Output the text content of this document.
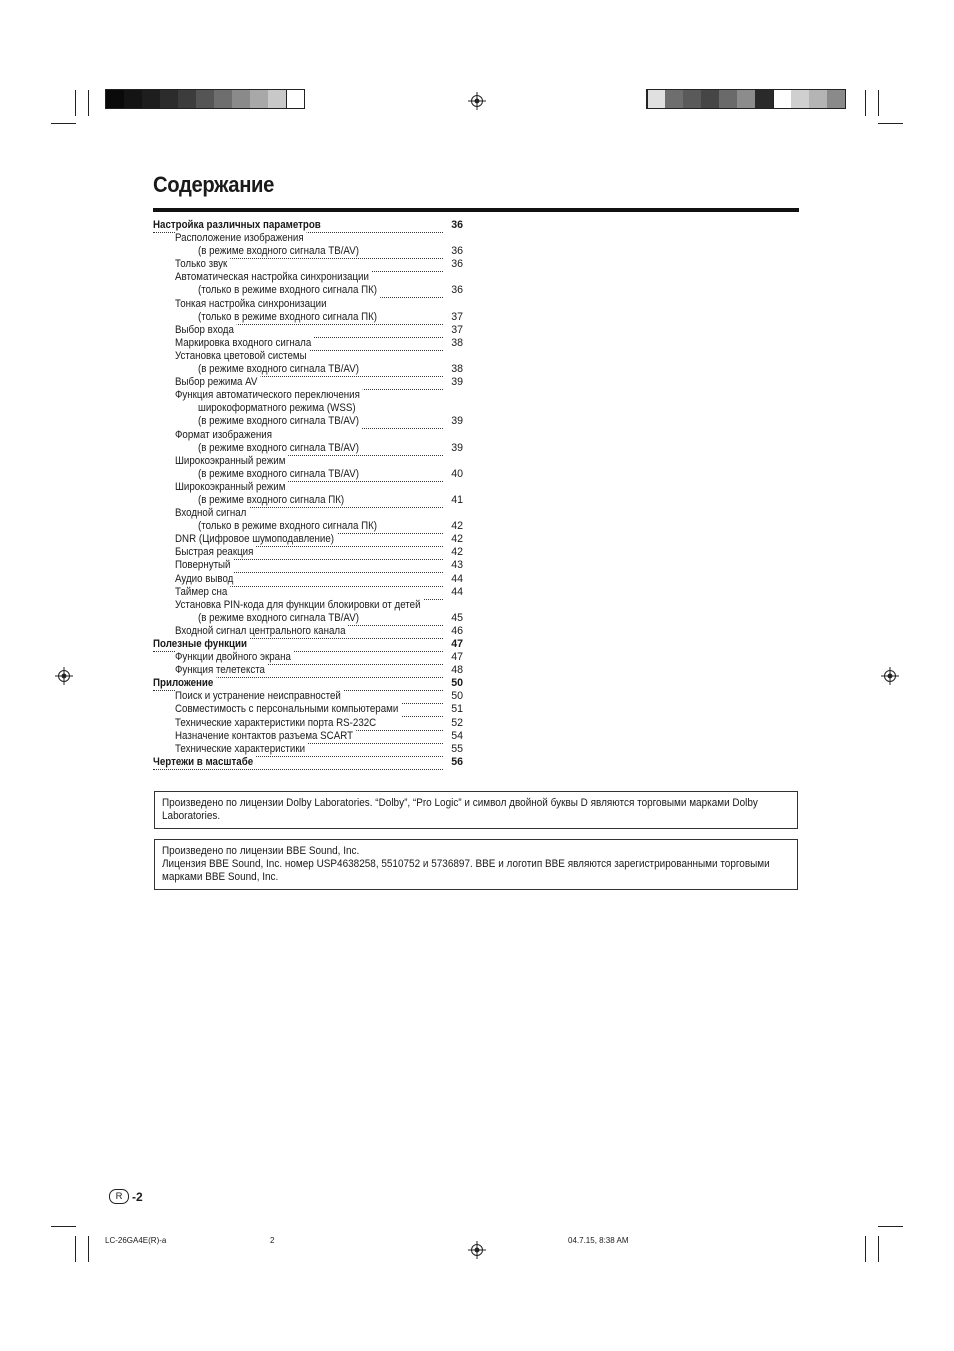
Содержание
Настройка различных параметров	36
Расположение изображения
(в режиме входного сигнала ТВ/AV)	36
Только звук	36
Автоматическая настройка синхронизации
(только в режиме входного сигнала ПК)	36
Тонкая настройка синхронизации
(только в режиме входного сигнала ПК)	37
Выбор входа	37
Маркировка входного сигнала	38
Установка цветовой системы
(в режиме входного сигнала ТВ/AV)	38
Выбор режима AV	39
Функция автоматического переключения
широкоформатного режима (WSS)
(в режиме входного сигнала ТВ/AV)	39
Формат изображения
(в режиме входного сигнала ТВ/AV)	39
Широкоэкранный режим
(в режиме входного сигнала ТВ/AV)	40
Широкоэкранный режим
(в режиме входного сигнала ПК)	41
Входной сигнал
(только в режиме входного сигнала ПК)	42
DNR (Цифровое шумоподавление)	42
Быстрая реакция	42
Повернутый	43
Аудио вывод	44
Таймер сна	44
Установка PIN-кода для функции блокировки от детей
(в режиме входного сигнала ТВ/AV)	45
Входной сигнал центрального канала	46
Полезные функции	47
Функции двойного экрана	47
Функция телетекста	48
Приложение	50
Поиск и устранение неисправностей	50
Совместимость с персональными компьютерами	51
Технические характеристики порта RS-232C	52
Назначение контактов разъема SCART	54
Технические характеристики	55
Чертежи в масштабе	56
Произведено по лицензии Dolby Laboratories. “Dolby”, “Pro Logic” и символ двойной буквы D являются торговыми марками Dolby
Laboratories.
Произведено по лицензии BBE Sound, Inc.
Лицензия BBE Sound, Inc. номер USP4638258, 5510752 и 5736897. BBE и логотип BBE являются зарегистрированными торговыми
марками BBE Sound, Inc.
R -2
LC-26GA4E(R)-a	2	04.7.15, 8:38 AM
